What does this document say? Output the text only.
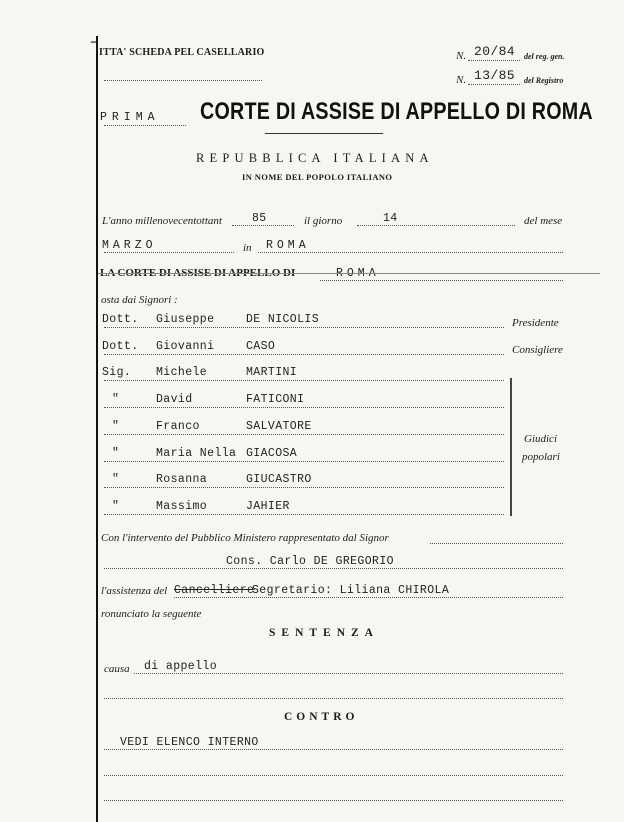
┐
ITTA' SCHEDA PEL CASELLARIO	N. 20/84 del reg. gen.
N. 13/85 del Registro
PRIMA CORTE DI ASSISE DI APPELLO DI ROMA
REPUBBLICA ITALIANA
IN NOME DEL POPOLO ITALIANO
L'anno millenovecentottant	85	il giorno	14	del mese
MARZO	in ROMA
LA CORTE DI ASSISE DI APPELLO DI	ROMA
osta dai Signori :
Dott. Giuseppe	DE NICOLIS	Presidente
Dott. Giovanni	CASO	Consigliere
Sig. Michele	MARTINI
"	David	FATICONI
"	Franco	SALVATORE
"	Maria Nella GIACOSA
"	Rosanna	GIUCASTRO
"	Massimo	JAHIER
Giudici
popolari
Con l'intervento del Pubblico Ministero rappresentato dal Signor
Cons. Carlo DE GREGORIO
l'assistenza del Cancelliere
Segretario: Liliana CHIROLA
ronunciato la seguente
SENTENZA
causa di appello
CONTRO
VEDI ELENCO INTERNO
